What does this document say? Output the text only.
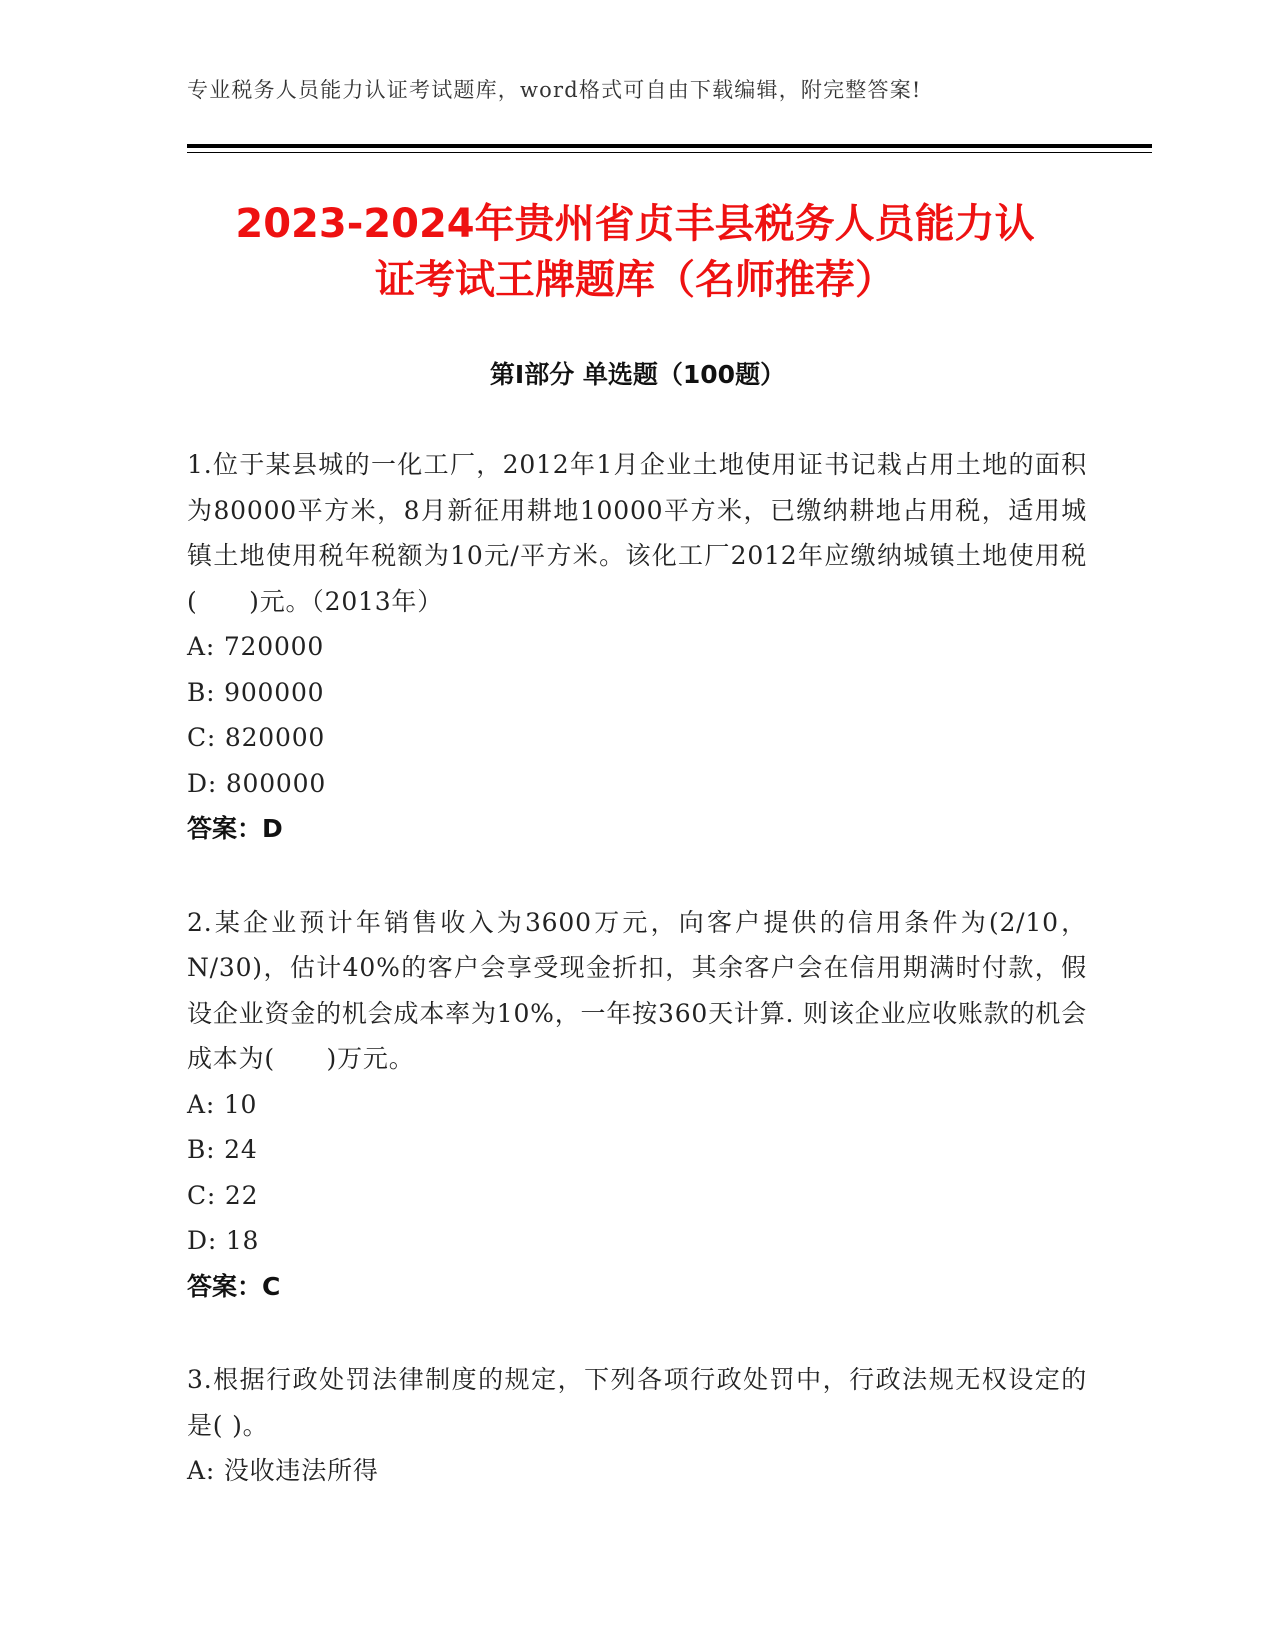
专业税务人员能力认证考试题库，word格式可自由下载编辑，附完整答案!
2023-2024年贵州省贞丰县税务人员能力认
证考试王牌题库（名师推荐）
第I部分 单选题（100题）
1.位于某县城的一化工厂，2012年1月企业土地使用证书记栽占用土地的面积为80000平方米，8月新征用耕地10000平方米，已缴纳耕地占用税，适用城镇土地使用税年税额为10元/平方米。该化工厂2012年应缴纳城镇土地使用税(　　)元。（2013年）
A: 720000
B: 900000
C: 820000
D: 800000
答案：D
2.某企业预计年销售收入为3600万元，向客户提供的信用条件为(2/10，N/30)，估计40%的客户会享受现金折扣，其余客户会在信用期满时付款，假设企业资金的机会成本率为10%，一年按360天计算. 则该企业应收账款的机会成本为(　　)万元。
A: 10
B: 24
C: 22
D: 18
答案：C
3.根据行政处罚法律制度的规定，下列各项行政处罚中，行政法规无权设定的是( )。
A: 没收违法所得
